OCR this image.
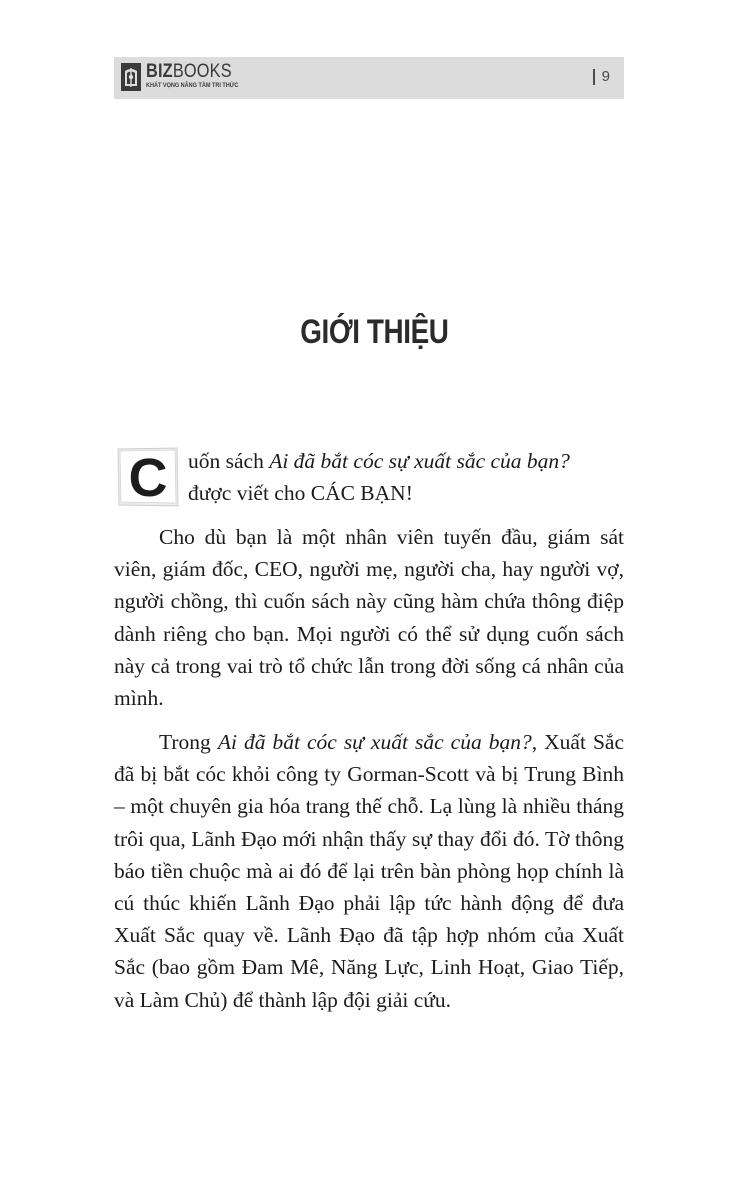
BIZBOOKS
KHÁT VỌNG NÂNG TẦM TRI THỨC
9
GIỚI THIỆU
C uốn sách Ai đã bắt cóc sự xuất sắc của bạn?
được viết cho CÁC BẠN!
Cho dù bạn là một nhân viên tuyến đầu, giám sát viên, giám đốc, CEO, người mẹ, người cha, hay người vợ, người chồng, thì cuốn sách này cũng hàm chứa thông điệp dành riêng cho bạn. Mọi người có thể sử dụng cuốn sách này cả trong vai trò tổ chức lẫn trong đời sống cá nhân của mình.
Trong Ai đã bắt cóc sự xuất sắc của bạn?, Xuất Sắc đã bị bắt cóc khỏi công ty Gorman-Scott và bị Trung Bình – một chuyên gia hóa trang thế chỗ. Lạ lùng là nhiều tháng trôi qua, Lãnh Đạo mới nhận thấy sự thay đổi đó. Tờ thông báo tiền chuộc mà ai đó để lại trên bàn phòng họp chính là cú thúc khiến Lãnh Đạo phải lập tức hành động để đưa Xuất Sắc quay về. Lãnh Đạo đã tập hợp nhóm của Xuất Sắc (bao gồm Đam Mê, Năng Lực, Linh Hoạt, Giao Tiếp, và Làm Chủ) để thành lập đội giải cứu.
